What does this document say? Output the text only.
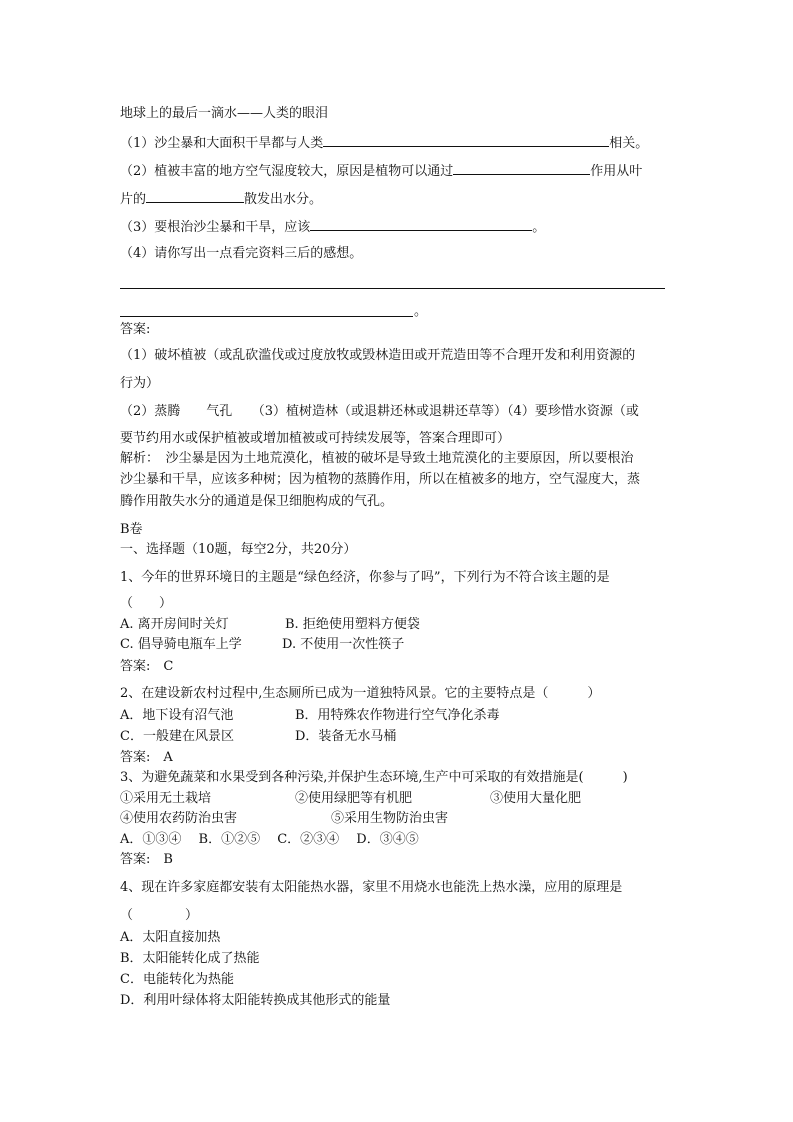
地球上的最后一滴水——人类的眼泪
（1）沙尘暴和大面积干旱都与人类	相关。
（2）植被丰富的地方空气湿度较大，原因是植物可以通过	作用从叶
片的	散发出水分。
（3）要根治沙尘暴和干旱，应该	。
（4）请你写出一点看完资料三后的感想。
。
答案:
（1）破坏植被（或乱砍滥伐或过度放牧或毁林造田或开荒造田等不合理开发和利用资源的
行为）
（2）蒸腾　　气孔　　（3）植树造林（或退耕还林或退耕还草等）（4）要珍惜水资源（或
要节约用水或保护植被或增加植被或可持续发展等，答案合理即可）
解析：　沙尘暴是因为土地荒漠化，植被的破坏是导致土地荒漠化的主要原因，所以要根治
沙尘暴和干旱，应该多种树；因为植物的蒸腾作用，所以在植被多的地方，空气湿度大，蒸
腾作用散失水分的通道是保卫细胞构成的气孔。
B卷
一、选择题（10题，每空2分，共20分）
1、今年的世界环境日的主题是“绿色经济，你参与了吗”，下列行为不符合该主题的是
（　　）
A. 离开房间时关灯	B. 拒绝使用塑料方便袋
C. 倡导骑电瓶车上学	D. 不使用一次性筷子
答案:　C
2、在建设新农村过程中,生态厕所已成为一道独特风景。它的主要特点是（　　　）
A．地下设有沼气池	B．用特殊农作物进行空气净化杀毒
C．一般建在风景区	D．装备无水马桶
答案:　A
3、为避免蔬菜和水果受到各种污染,并保护生态环境,生产中可采取的有效措施是(　　　)
①采用无土栽培	②使用绿肥等有机肥	③使用大量化肥
④使用农药防治虫害	⑤采用生物防治虫害
A．①③④　 B．①②⑤　 C．②③④　 D．③④⑤
答案:　B
4、现在许多家庭都安装有太阳能热水器，家里不用烧水也能洗上热水澡，应用的原理是
（　　　　）
A．太阳直接加热
B．太阳能转化成了热能
C．电能转化为热能
D．利用叶绿体将太阳能转换成其他形式的能量
